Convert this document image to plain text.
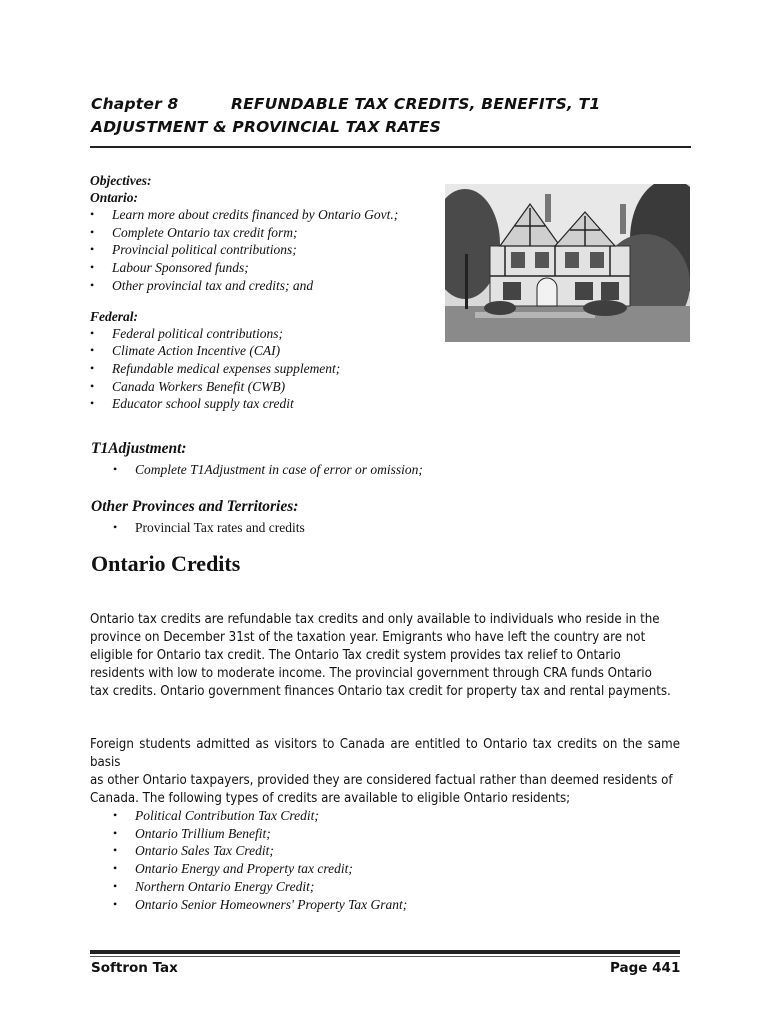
Chapter 8	REFUNDABLE TAX CREDITS, BENEFITS, T1
ADJUSTMENT & PROVINCIAL TAX RATES
Objectives:
Ontario:
• Learn more about credits financed by Ontario Govt.;
• Complete Ontario tax credit form;
• Provincial political contributions;
• Labour Sponsored funds;
• Other provincial tax and credits; and
Federal:
• Federal political contributions;
• Climate Action Incentive (CAI)
• Refundable medical expenses supplement;
• Canada Workers Benefit (CWB)
• Educator school supply tax credit
T1Adjustment:
• Complete T1Adjustment in case of error or omission;
Other Provinces and Territories:
• Provincial Tax rates and credits
Ontario Credits
Ontario tax credits are refundable tax credits and only available to individuals who reside in the
province on December 31st of the taxation year. Emigrants who have left the country are not
eligible for Ontario tax credit. The Ontario Tax credit system provides tax relief to Ontario
residents with low to moderate income. The provincial government through CRA funds Ontario
tax credits. Ontario government finances Ontario tax credit for property tax and rental payments.
Foreign students admitted as visitors to Canada are entitled to Ontario tax credits on the same basis
as other Ontario taxpayers, provided they are considered factual rather than deemed residents of
Canada. The following types of credits are available to eligible Ontario residents;
• Political Contribution Tax Credit;
• Ontario Trillium Benefit;
• Ontario Sales Tax Credit;
• Ontario Energy and Property tax credit;
• Northern Ontario Energy Credit;
• Ontario Senior Homeowners' Property Tax Grant;
Softron Tax	Page 441
